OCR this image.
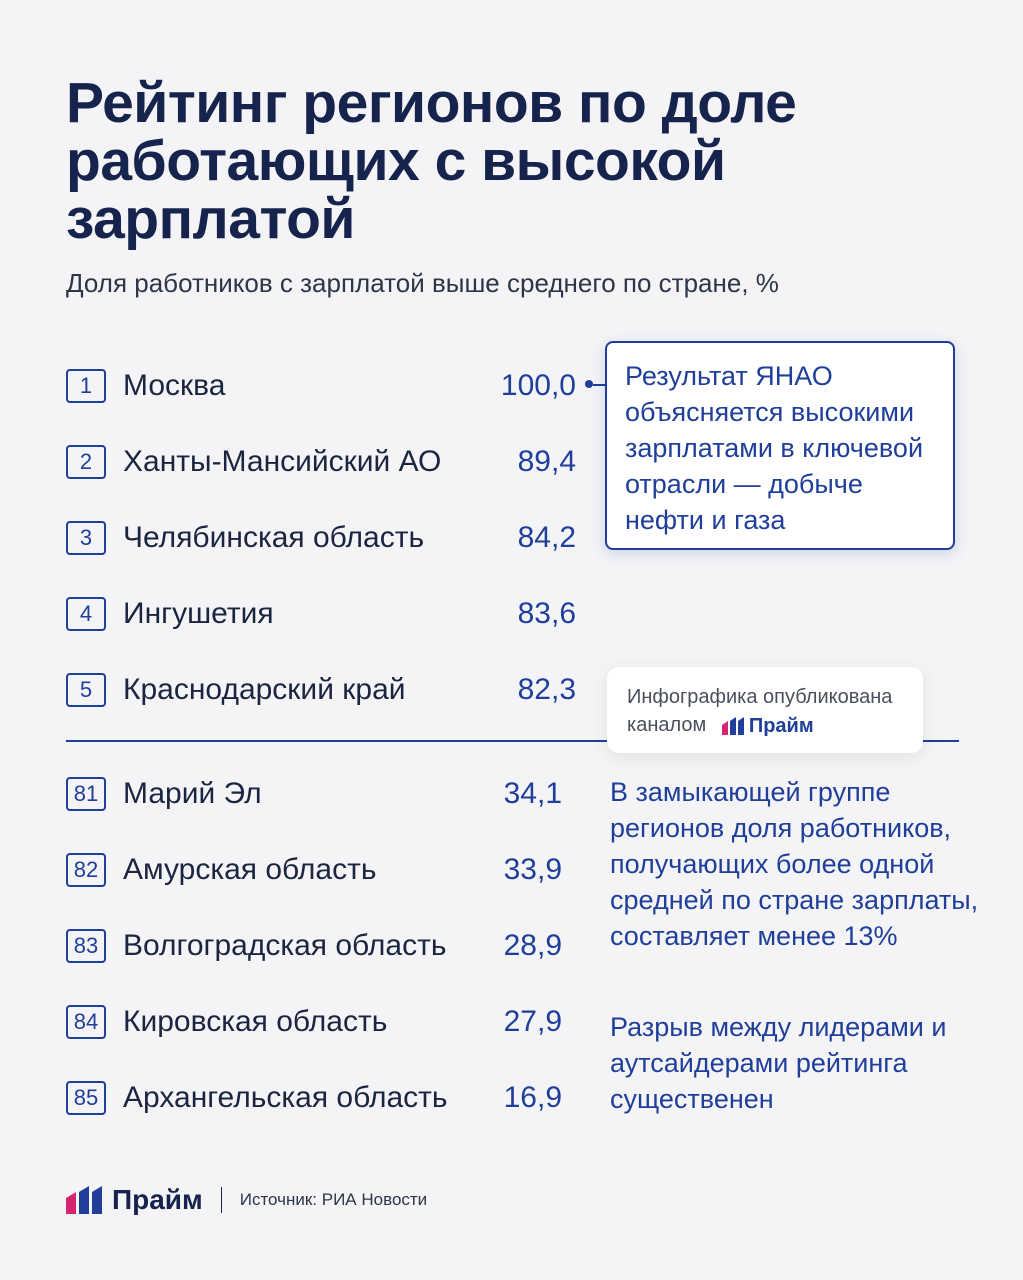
Рейтинг регионов по доле работающих с высокой зарплатой
Доля работников с зарплатой выше среднего по стране, %
1	Москва	100,0
2	Ханты-Мансийский АО	89,4
3	Челябинская область	84,2
4	Ингушетия	83,6
5	Краснодарский край	82,3
Результат ЯНАО объясняется высокими зарплатами в ключевой отрасли — добыче нефти и газа
Инфографика опубликована
каналом Прайм
81 Марий Эл	34,1
82 Амурская область	33,9
83 Волгоградская область	28,9
84 Кировская область	27,9
85 Архангельская область	16,9
В замыкающей группе регионов доля работников, получающих более одной средней по стране зарплаты, составляет менее 13%
Разрыв между лидерами и аутсайдерами рейтинга существенен
Прайм Источник: РИА Новости
